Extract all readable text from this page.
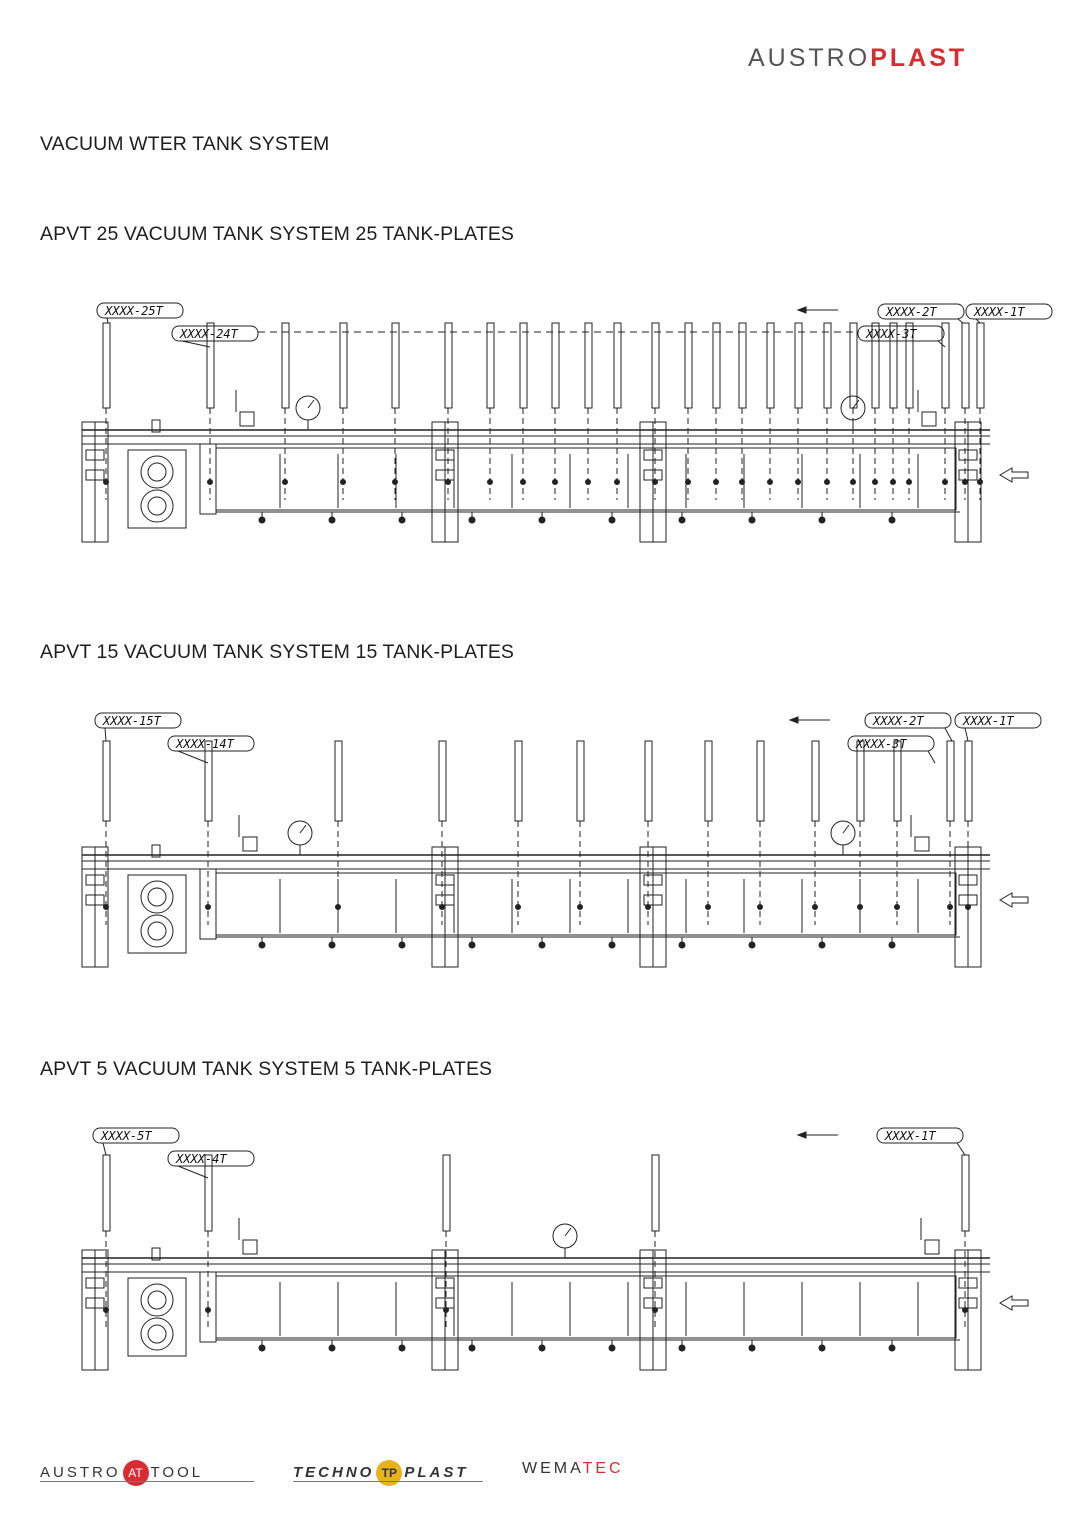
AUSTROPLAST
VACUUM WTER TANK SYSTEM
APVT 25 VACUUM TANK SYSTEM 25 TANK-PLATES
XXXX-25T
XXXX-24T
XXXX-2T	XXXX-1T
XXXX-3T
APVT 15 VACUUM TANK SYSTEM 15 TANK-PLATES
XXXX-15T
XXXX-14T
XXXX-2T	XXXX-1T
XXXX-3T
APVT 5 VACUUM TANK SYSTEM 5 TANK-PLATES
XXXX-5T
XXXX-4T
XXXX-1T
AUSTRO AT TOOL	TECHNO TP PLAST	WEMATEC
